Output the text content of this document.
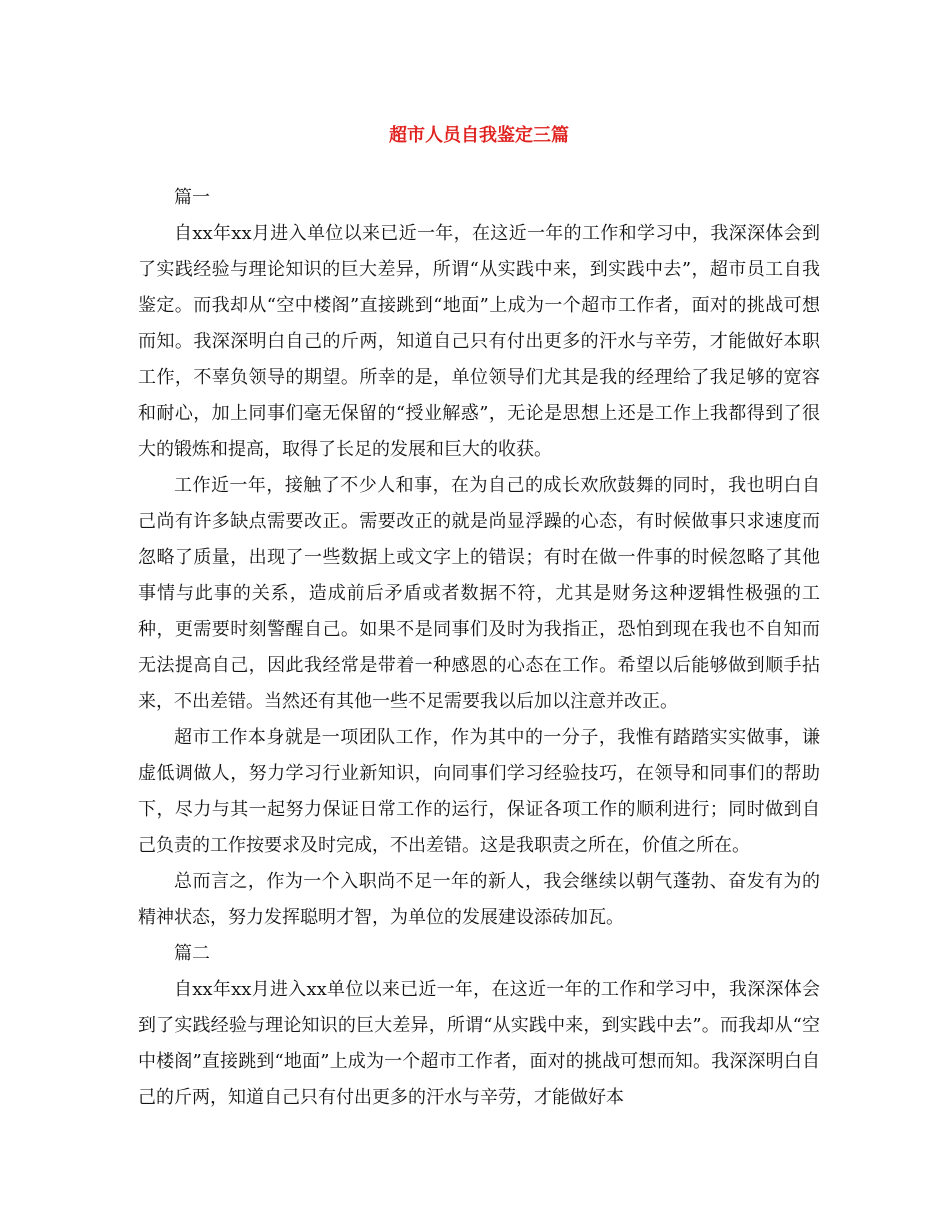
超市人员自我鉴定三篇

篇一

自xx年xx月进入单位以来已近一年，在这近一年的工作和学习中，我深深体会到了实践经验与理论知识的巨大差异，所谓“从实践中来，到实践中去”，超市员工自我鉴定。而我却从“空中楼阁”直接跳到“地面”上成为一个超市工作者，面对的挑战可想而知。我深深明白自己的斤两，知道自己只有付出更多的汗水与辛劳，才能做好本职工作，不辜负领导的期望。所幸的是，单位领导们尤其是我的经理给了我足够的宽容和耐心，加上同事们毫无保留的“授业解惑”，无论是思想上还是工作上我都得到了很大的锻炼和提高，取得了长足的发展和巨大的收获。

工作近一年，接触了不少人和事，在为自己的成长欢欣鼓舞的同时，我也明白自己尚有许多缺点需要改正。需要改正的就是尚显浮躁的心态，有时候做事只求速度而忽略了质量，出现了一些数据上或文字上的错误；有时在做一件事的时候忽略了其他事情与此事的关系，造成前后矛盾或者数据不符，尤其是财务这种逻辑性极强的工种，更需要时刻警醒自己。如果不是同事们及时为我指正，恐怕到现在我也不自知而无法提高自己，因此我经常是带着一种感恩的心态在工作。希望以后能够做到顺手拈来，不出差错。当然还有其他一些不足需要我以后加以注意并改正。

超市工作本身就是一项团队工作，作为其中的一分子，我惟有踏踏实实做事，谦虚低调做人，努力学习行业新知识，向同事们学习经验技巧，在领导和同事们的帮助下，尽力与其一起努力保证日常工作的运行，保证各项工作的顺利进行；同时做到自己负责的工作按要求及时完成，不出差错。这是我职责之所在，价值之所在。

总而言之，作为一个入职尚不足一年的新人，我会继续以朝气蓬勃、奋发有为的精神状态，努力发挥聪明才智，为单位的发展建设添砖加瓦。

篇二

自xx年xx月进入xx单位以来已近一年，在这近一年的工作和学习中，我深深体会到了实践经验与理论知识的巨大差异，所谓“从实践中来，到实践中去”。而我却从“空中楼阁”直接跳到“地面”上成为一个超市工作者，面对的挑战可想而知。我深深明白自己的斤两，知道自己只有付出更多的汗水与辛劳，才能做好本
